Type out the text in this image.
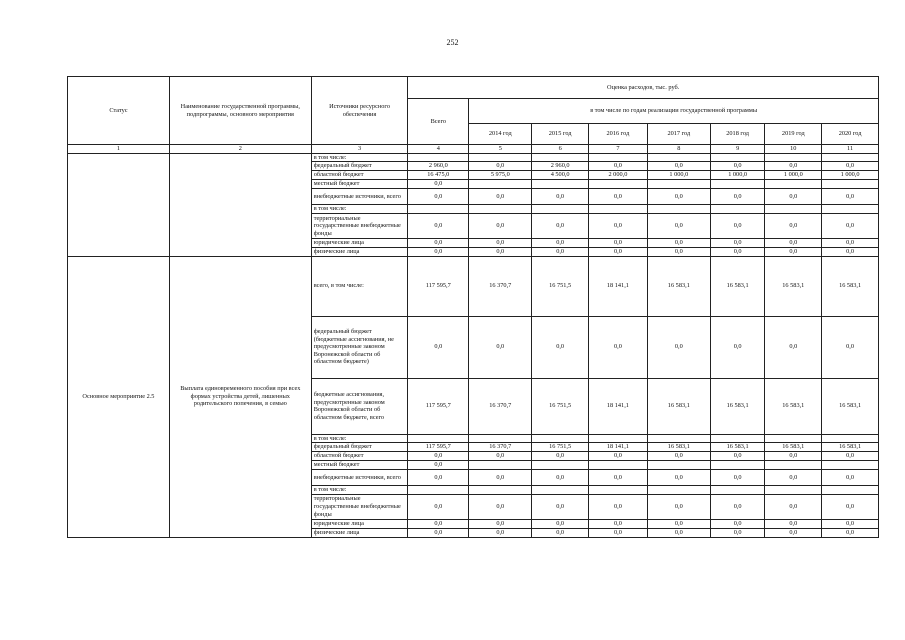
252
Статус	Наименование государственной программы, подпрограммы, основного мероприятия	Источники ресурсного обеспечения	Оценка расходов, тыс. руб.							
			Всего	в том числе по годам реализации государственной программы						
				2014 год	2015 год	2016 год	2017 год	2018 год	2019 год	2020 год
1	2	3	4	5	6	7	8	9	10	11
		в том числе:								
		федеральный бюджет	2 960,0	0,0	2 960,0	0,0	0,0	0,0	0,0	0,0
		областной бюджет	16 475,0	5 975,0	4 500,0	2 000,0	1 000,0	1 000,0	1 000,0	1 000,0
		местный бюджет	0,0							
		внебюджетные источники, всего	0,0	0,0	0,0	0,0	0,0	0,0	0,0	0,0
		в том числе:								
		территориальные государственные внебюджетные фонды	0,0	0,0	0,0	0,0	0,0	0,0	0,0	0,0
		юридические лица	0,0	0,0	0,0	0,0	0,0	0,0	0,0	0,0
		физические лица	0,0	0,0	0,0	0,0	0,0	0,0	0,0	0,0
Основное мероприятие 2.5	Выплата единовременного пособия при всех формах устройства детей, лишенных родительского попечения, в семью	всего, в том числе:	117 595,7	16 370,7	16 751,5	18 141,1	16 583,1	16 583,1	16 583,1	16 583,1
		федеральный бюджет (бюджетные ассигнования, не предусмотренные законом Воронежской области об областном бюджете)	0,0	0,0	0,0	0,0	0,0	0,0	0,0	0,0
		бюджетные ассигнования, предусмотренные законом Воронежской области об областном бюджете, всего	117 595,7	16 370,7	16 751,5	18 141,1	16 583,1	16 583,1	16 583,1	16 583,1
		в том числе:								
		федеральный бюджет	117 595,7	16 370,7	16 751,5	18 141,1	16 583,1	16 583,1	16 583,1	16 583,1
		областной бюджет	0,0	0,0	0,0	0,0	0,0	0,0	0,0	0,0
		местный бюджет	0,0							
		внебюджетные источники, всего	0,0	0,0	0,0	0,0	0,0	0,0	0,0	0,0
		в том числе:								
		территориальные государственные внебюджетные фонды	0,0	0,0	0,0	0,0	0,0	0,0	0,0	0,0
		юридические лица	0,0	0,0	0,0	0,0	0,0	0,0	0,0	0,0
		физические лица	0,0	0,0	0,0	0,0	0,0	0,0	0,0	0,0
